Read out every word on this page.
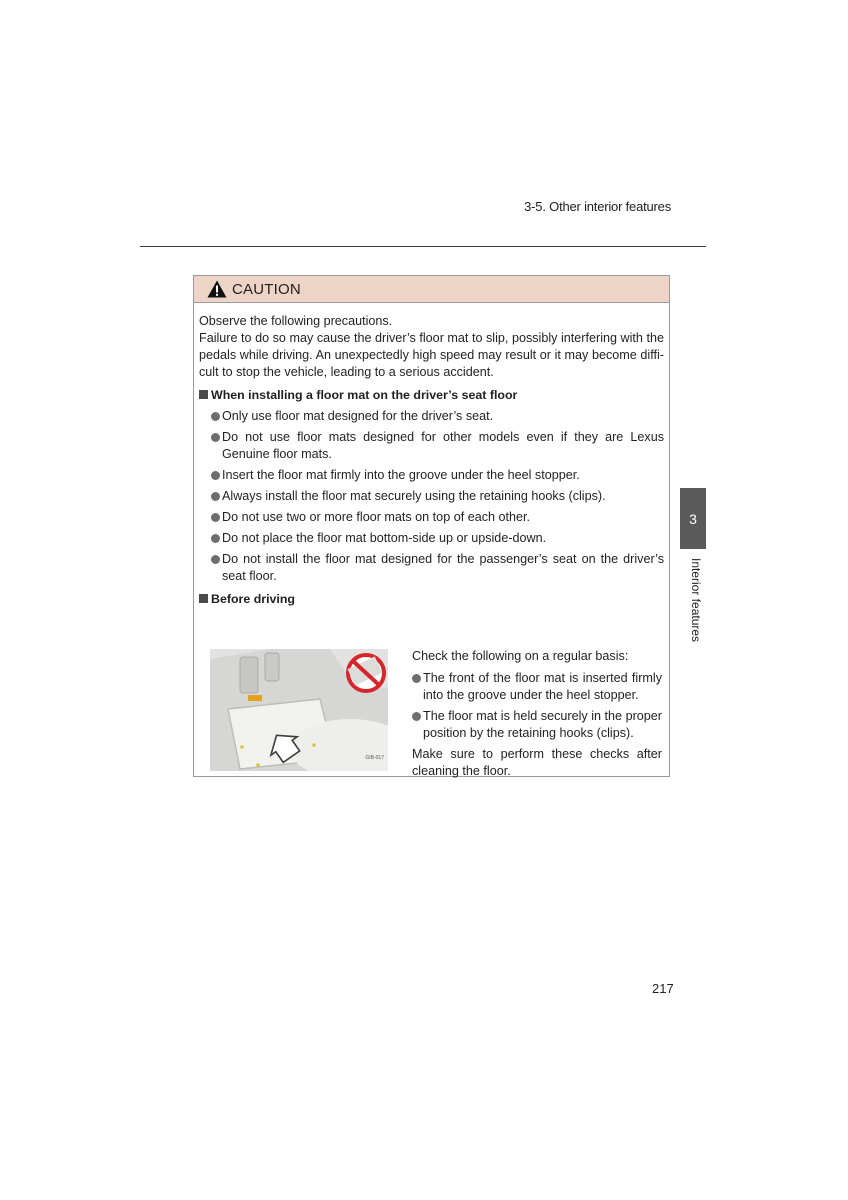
3-5. Other interior features
CAUTION

Observe the following precautions.

Failure to do so may cause the driver’s floor mat to slip, possibly interfering with the pedals while driving. An unexpectedly high speed may result or it may become diffi-cult to stop the vehicle, leading to a serious accident.

When installing a floor mat on the driver’s seat floor
Only use floor mat designed for the driver’s seat.
Do not use floor mats designed for other models even if they are Lexus Genuine floor mats.
Insert the floor mat firmly into the groove under the heel stopper.
Always install the floor mat securely using the retaining hooks (clips).
Do not use two or more floor mats on top of each other.
Do not place the floor mat bottom-side up or upside-down.
Do not install the floor mat designed for the passenger’s seat on the driver’s seat floor.
Before driving
GIB-017

Check the following on a regular basis:

The front of the floor mat is inserted firmly into the groove under the heel stopper.
The floor mat is held securely in the proper position by the retaining hooks (clips).

Make sure to perform these checks after cleaning the floor.

3
Interior features
217
